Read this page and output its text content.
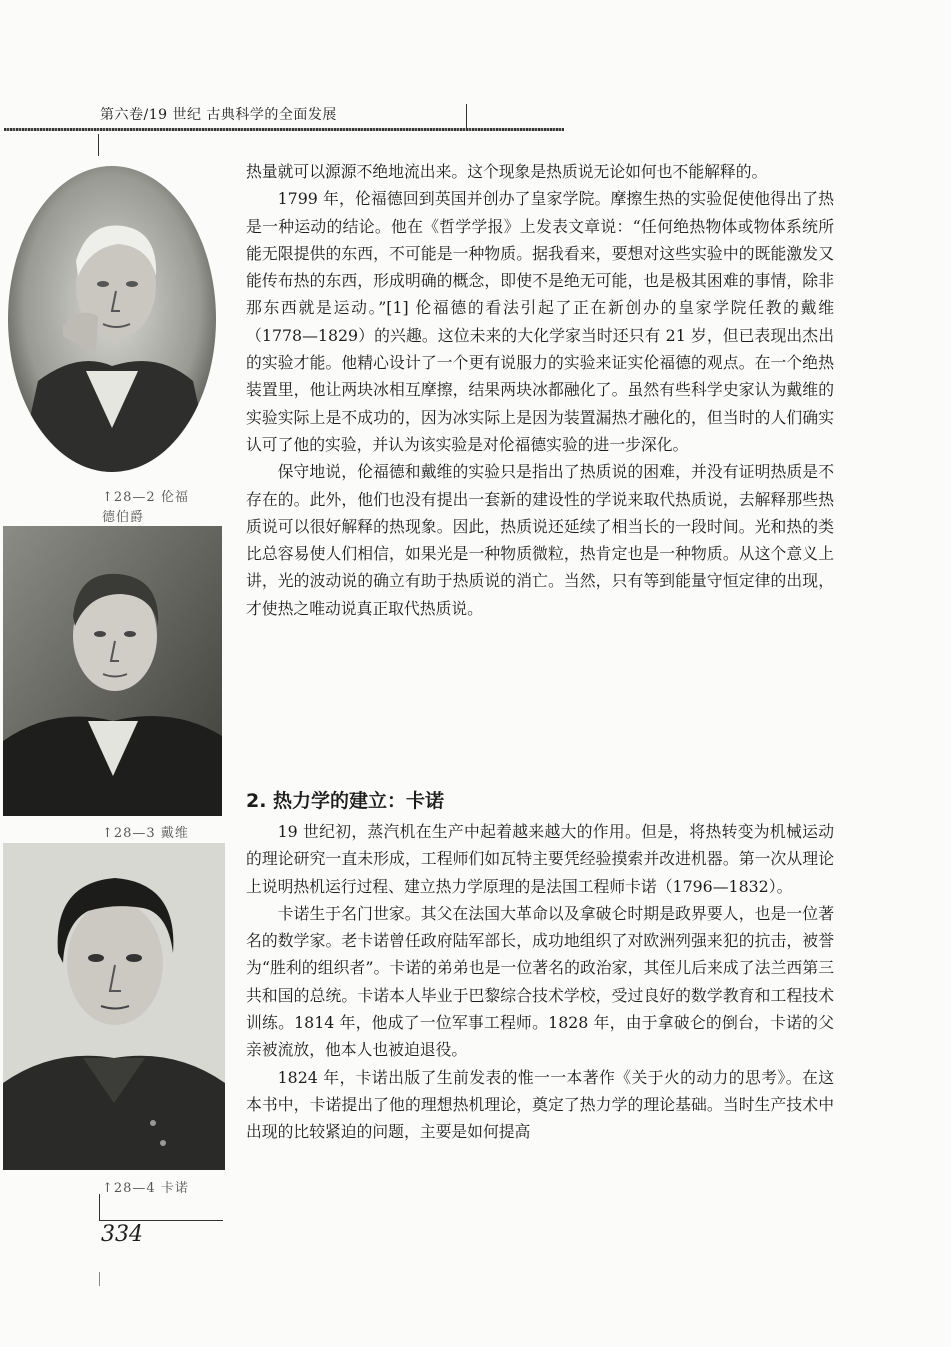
第六卷/19 世纪 古典科学的全面发展
↑28—2 伦福
德伯爵
↑28—3 戴维
↑28—4 卡诺

热量就可以源源不绝地流出来。这个现象是热质说无论如何也不能解释的。

1799 年，伦福德回到英国并创办了皇家学院。摩擦生热的实验促使他得出了热是一种运动的结论。他在《哲学学报》上发表文章说：“任何绝热物体或物体系统所能无限提供的东西，不可能是一种物质。据我看来，要想对这些实验中的既能激发又能传布热的东西，形成明确的概念，即使不是绝无可能，也是极其困难的事情，除非那东西就是运动。”[1] 伦福德的看法引起了正在新创办的皇家学院任教的戴维（1778—1829）的兴趣。这位未来的大化学家当时还只有 21 岁，但已表现出杰出的实验才能。他精心设计了一个更有说服力的实验来证实伦福德的观点。在一个绝热装置里，他让两块冰相互摩擦，结果两块冰都融化了。虽然有些科学史家认为戴维的实验实际上是不成功的，因为冰实际上是因为装置漏热才融化的，但当时的人们确实认可了他的实验，并认为该实验是对伦福德实验的进一步深化。

保守地说，伦福德和戴维的实验只是指出了热质说的困难，并没有证明热质是不存在的。此外，他们也没有提出一套新的建设性的学说来取代热质说，去解释那些热质说可以很好解释的热现象。因此，热质说还延续了相当长的一段时间。光和热的类比总容易使人们相信，如果光是一种物质微粒，热肯定也是一种物质。从这个意义上讲，光的波动说的确立有助于热质说的消亡。当然，只有等到能量守恒定律的出现，才使热之唯动说真正取代热质说。

2. 热力学的建立：卡诺

19 世纪初，蒸汽机在生产中起着越来越大的作用。但是，将热转变为机械运动的理论研究一直未形成，工程师们如瓦特主要凭经验摸索并改进机器。第一次从理论上说明热机运行过程、建立热力学原理的是法国工程师卡诺（1796—1832）。

卡诺生于名门世家。其父在法国大革命以及拿破仑时期是政界要人，也是一位著名的数学家。老卡诺曾任政府陆军部长，成功地组织了对欧洲列强来犯的抗击，被誉为“胜利的组织者”。卡诺的弟弟也是一位著名的政治家，其侄儿后来成了法兰西第三共和国的总统。卡诺本人毕业于巴黎综合技术学校，受过良好的数学教育和工程技术训练。1814 年，他成了一位军事工程师。1828 年，由于拿破仑的倒台，卡诺的父亲被流放，他本人也被迫退役。

1824 年，卡诺出版了生前发表的惟一一本著作《关于火的动力的思考》。在这本书中，卡诺提出了他的理想热机理论，奠定了热力学的理论基础。当时生产技术中出现的比较紧迫的问题，主要是如何提高

334
